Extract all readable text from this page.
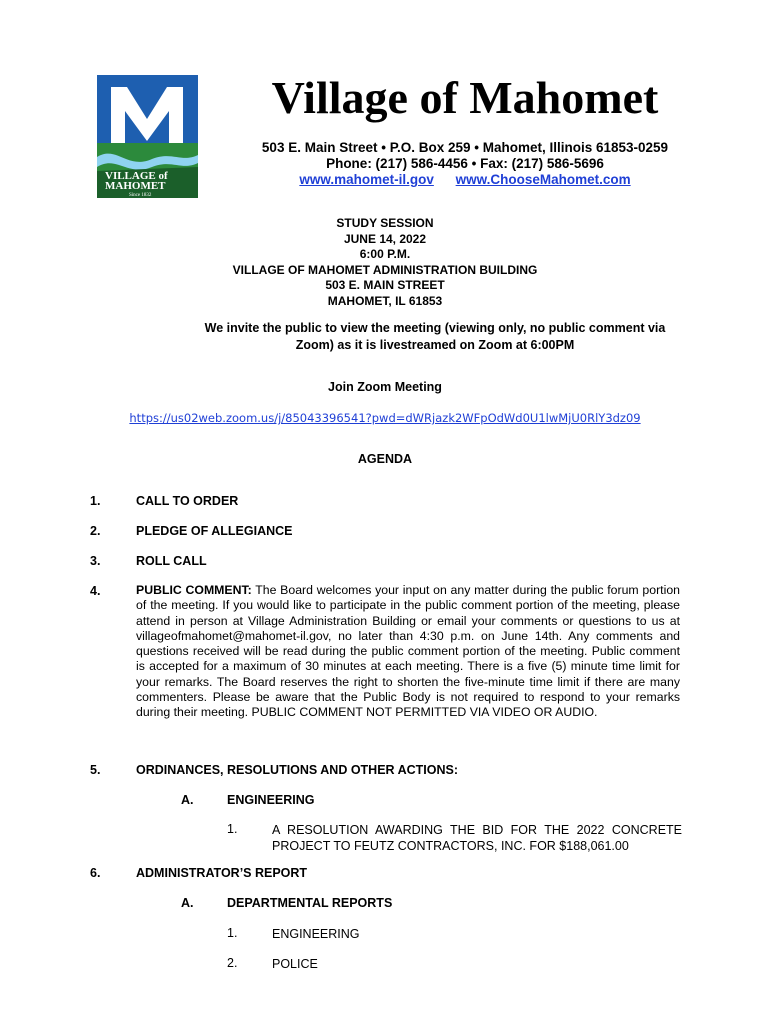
VILLAGE of
MAHOMET
Since 1832
Village of Mahomet
503 E. Main Street • P.O. Box 259 • Mahomet, Illinois 61853-0259
Phone: (217) 586-4456 • Fax: (217) 586-5696
www.mahomet-il.gov www.ChooseMahomet.com
STUDY SESSION
JUNE 14, 2022
6:00 P.M.
VILLAGE OF MAHOMET ADMINISTRATION BUILDING
503 E. MAIN STREET
MAHOMET, IL 61853
We invite the public to view the meeting (viewing only, no public comment via
Zoom) as it is livestreamed on Zoom at 6:00PM
Join Zoom Meeting
https://us02web.zoom.us/j/85043396541?pwd=dWRjazk2WFpOdWd0U1lwMjU0RlY3dz09
AGENDA
1.	CALL TO ORDER
2.	PLEDGE OF ALLEGIANCE
3.	ROLL CALL
4.	PUBLIC COMMENT: The Board welcomes your input on any matter during the public forum portion of the meeting. If you would like to participate in the public comment portion of the meeting, please attend in person at Village Administration Building or email your comments or questions to us at villageofmahomet@mahomet-il.gov, no later than 4:30 p.m. on June 14th. Any comments and questions received will be read during the public comment portion of the meeting. Public comment is accepted for a maximum of 30 minutes at each meeting. There is a five (5) minute time limit for your remarks. The Board reserves the right to shorten the five-minute time limit if there are many commenters. Please be aware that the Public Body is not required to respond to your remarks during their meeting. PUBLIC COMMENT NOT PERMITTED VIA VIDEO OR AUDIO.
5.	ORDINANCES, RESOLUTIONS AND OTHER ACTIONS:
A.	ENGINEERING
1.	A RESOLUTION AWARDING THE BID FOR THE 2022 CONCRETE PROJECT TO FEUTZ CONTRACTORS, INC. FOR $188,061.00
6.	ADMINISTRATOR’S REPORT
A.	DEPARTMENTAL REPORTS
1.	ENGINEERING
2.	POLICE
